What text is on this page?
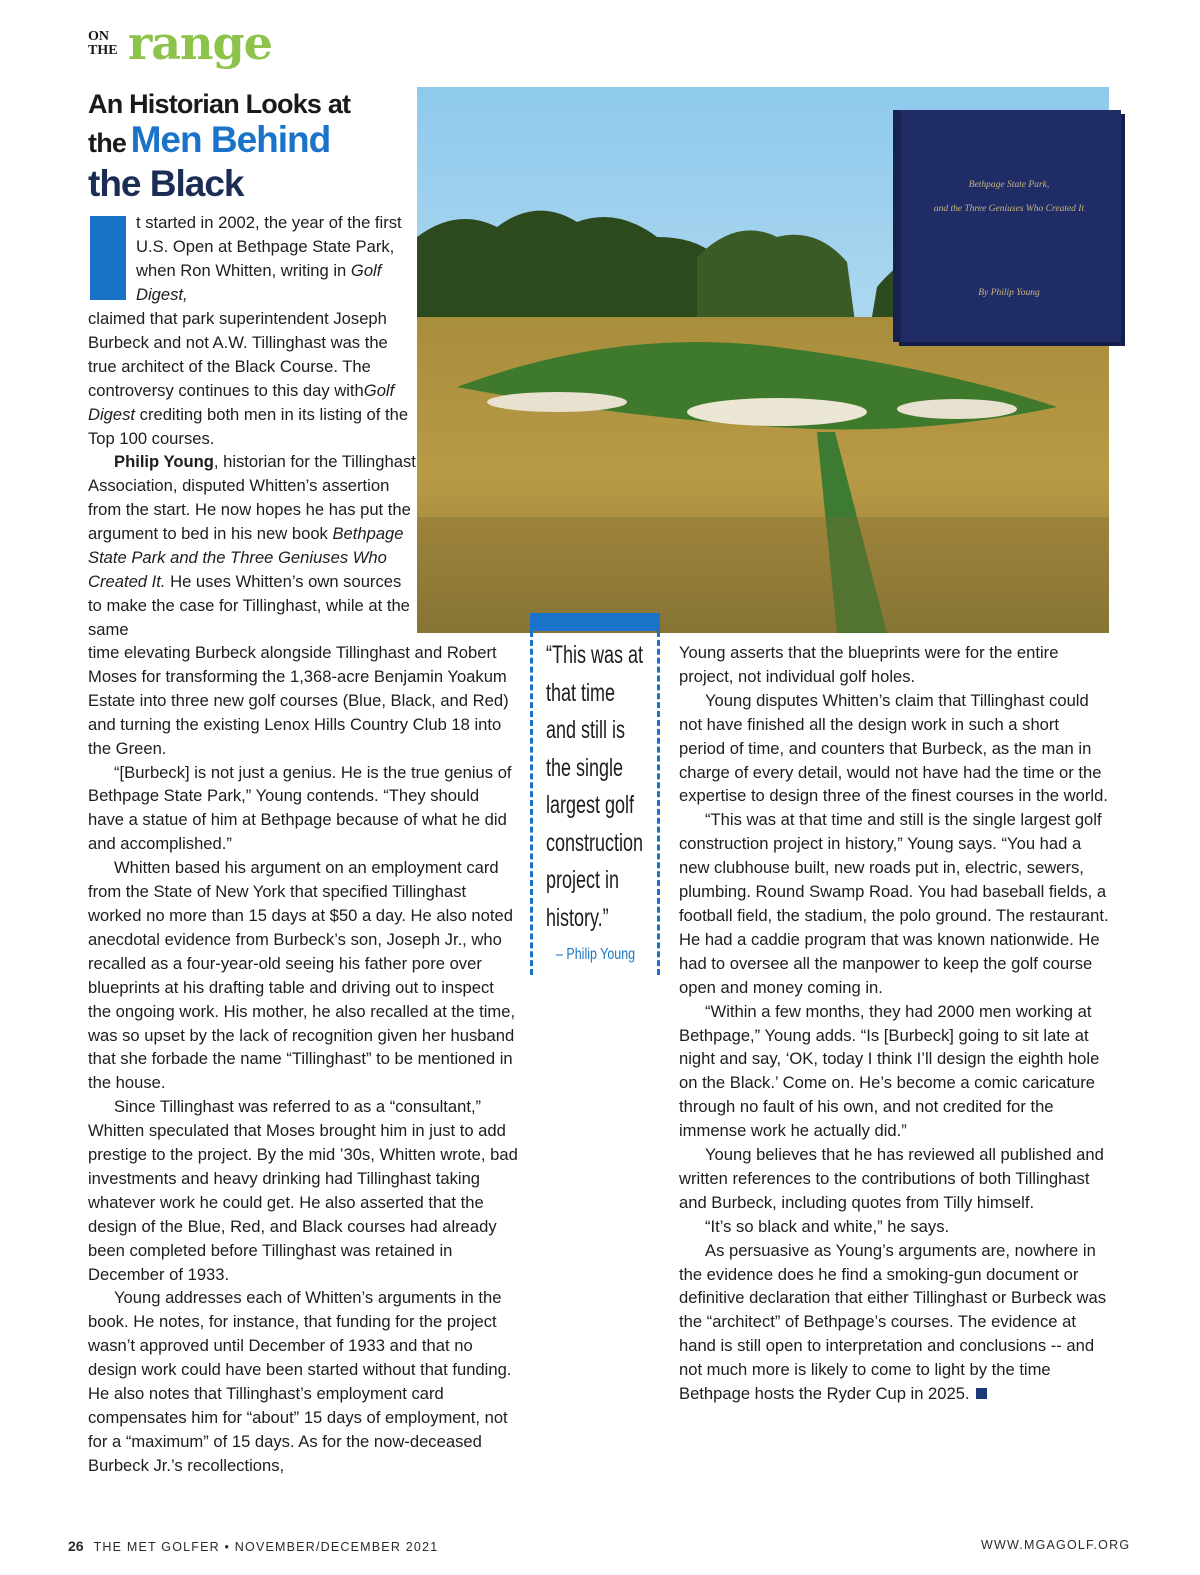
ON
THE range
An Historian Looks at
the Men Behind
the Black
t started in 2002, the year of the first U.S. Open at Bethpage State Park, when Ron Whitten, writing in Golf Digest,

claimed that park superintendent Joseph Burbeck and not A.W. Tillinghast was the true architect of the Black Course. The controversy continues to this day withGolf Digest crediting both men in its listing of the Top 100 courses.

Philip Young, historian for the Tillinghast Association, disputed Whitten’s assertion from the start. He now hopes he has put the argument to bed in his new book Bethpage State Park and the Three Geniuses Who Created It. He uses Whitten’s own sources to make the case for Tillinghast, while at the same

Bethpage State Park,
and the Three Geniuses Who Created It
By Philip Young

time elevating Burbeck alongside Tillinghast and Robert Moses for transforming the 1,368-acre Benjamin Yoakum Estate into three new golf courses (Blue, Black, and Red) and turning the existing Lenox Hills Country Club 18 into the Green.

“[Burbeck] is not just a genius. He is the true genius of Bethpage State Park,” Young contends. “They should have a statue of him at Bethpage because of what he did and accomplished.”

Whitten based his argument on an employment card from the State of New York that specified Tillinghast worked no more than 15 days at $50 a day. He also noted anecdotal evidence from Burbeck’s son, Joseph Jr., who recalled as a four-year-old seeing his father pore over blueprints at his drafting table and driving out to inspect the ongoing work. His mother, he also recalled at the time, was so upset by the lack of recognition given her husband that she forbade the name “Tillinghast” to be mentioned in the house.

Since Tillinghast was referred to as a “consultant,” Whitten speculated that Moses brought him in just to add prestige to the project. By the mid ’30s, Whitten wrote, bad investments and heavy drinking had Tillinghast taking whatever work he could get. He also asserted that the design of the Blue, Red, and Black courses had already been completed before Tillinghast was retained in December of 1933.

Young addresses each of Whitten’s arguments in the book. He notes, for instance, that funding for the project wasn’t approved until December of 1933 and that no design work could have been started without that funding. He also notes that Tillinghast’s employment card compensates him for “about” 15 days of employment, not for a “maximum” of 15 days. As for the now-deceased Burbeck Jr.’s recollections,

“This was at
that time
and still is
the single
largest golf
construction
project in
history.”
– Philip Young

Young asserts that the blueprints were for the entire project, not individual golf holes.

Young disputes Whitten’s claim that Tillinghast could not have finished all the design work in such a short period of time, and counters that Burbeck, as the man in charge of every detail, would not have had the time or the expertise to design three of the finest courses in the world.

“This was at that time and still is the single largest golf construction project in history,” Young says. “You had a new clubhouse built, new roads put in, electric, sewers, plumbing. Round Swamp Road. You had baseball fields, a football field, the stadium, the polo ground. The restaurant. He had a caddie program that was known nationwide. He had to oversee all the manpower to keep the golf course open and money coming in.

“Within a few months, they had 2000 men working at Bethpage,” Young adds. “Is [Burbeck] going to sit late at night and say, ‘OK, today I think I’ll design the eighth hole on the Black.’ Come on. He’s become a comic caricature through no fault of his own, and not credited for the immense work he actually did.”

Young believes that he has reviewed all published and written references to the contributions of both Tillinghast and Burbeck, including quotes from Tilly himself.

“It’s so black and white,” he says.

As persuasive as Young’s arguments are, nowhere in the evidence does he find a smoking-gun document or definitive declaration that either Tillinghast or Burbeck was the “architect” of Bethpage’s courses. The evidence at hand is still open to interpretation and conclusions -- and not much more is likely to come to light by the time Bethpage hosts the Ryder Cup in 2025.

26 THE MET GOLFER • NOVEMBER/DECEMBER 2021	WWW.MGAGOLF.ORG
